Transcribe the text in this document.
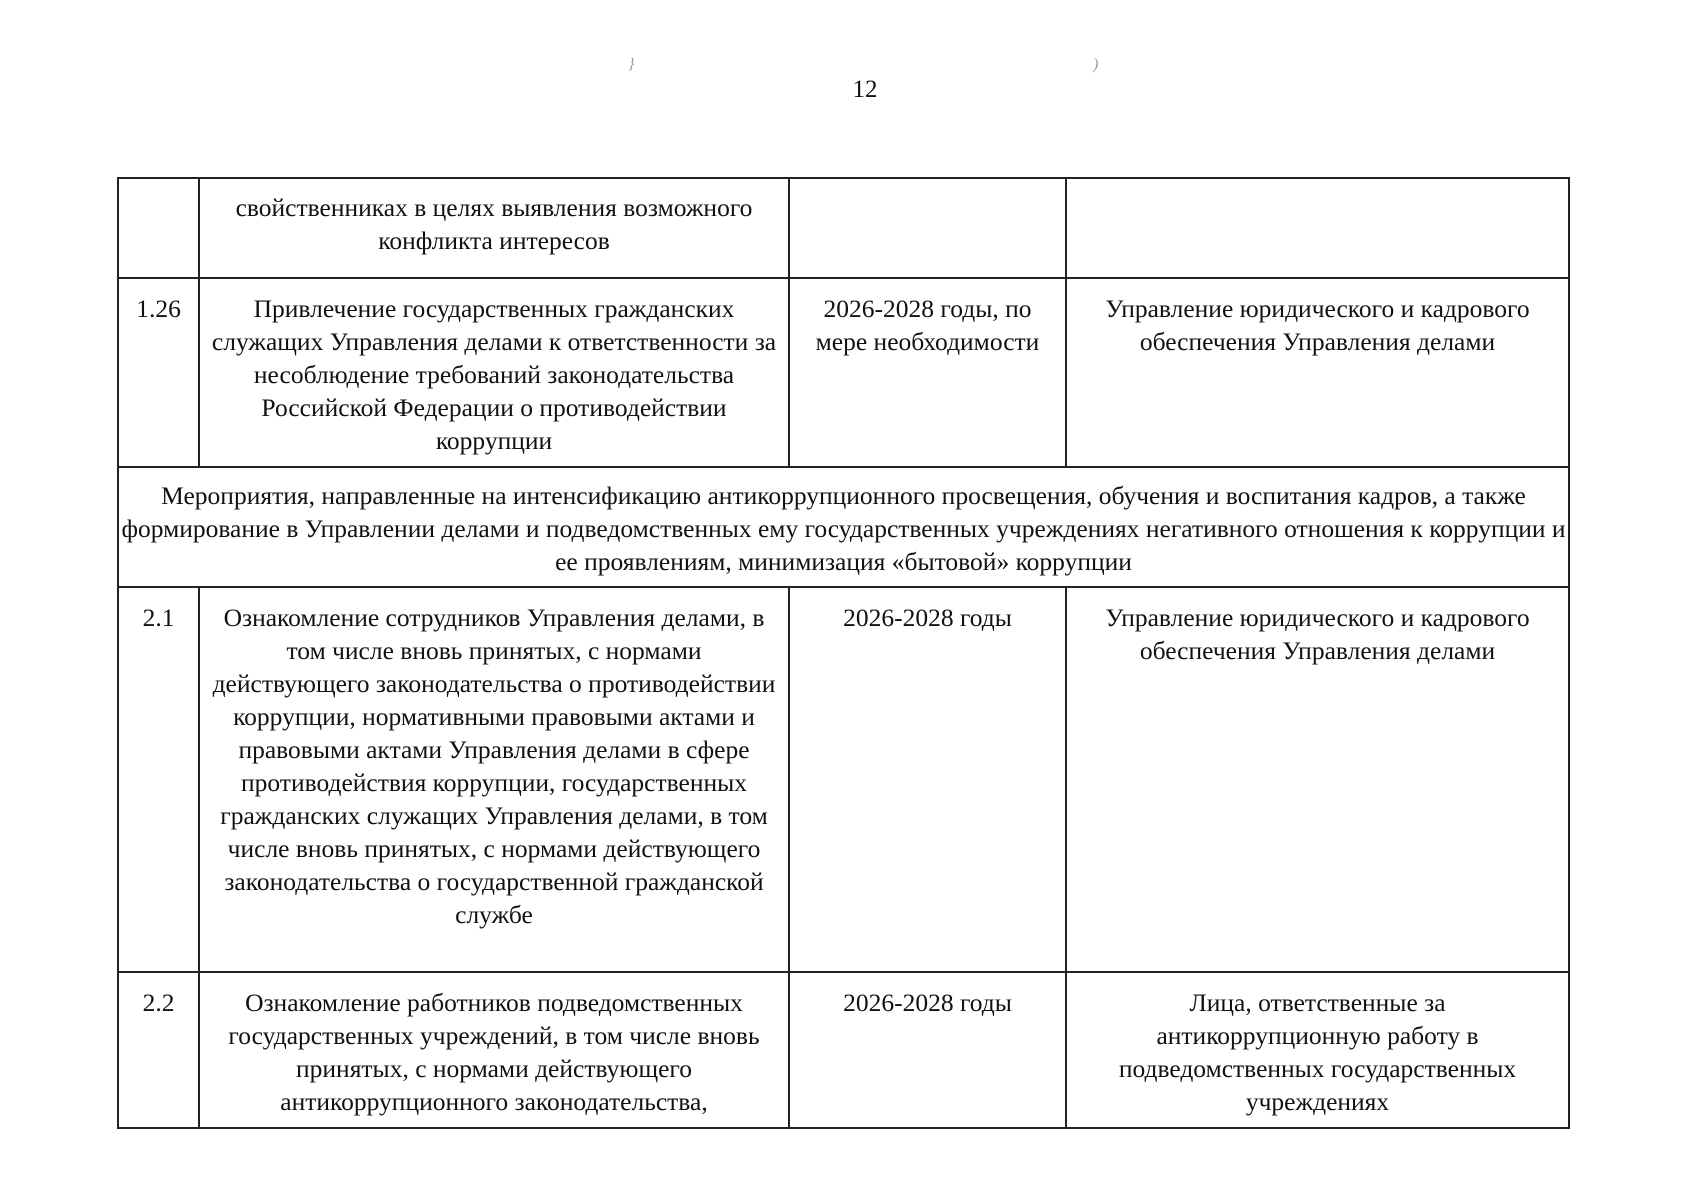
}	)
12

	свойственниках в целях выявления возможного конфликта интересов		

1.26	Привлечение государственных гражданских служащих Управления делами к ответственности за несоблюдение требований законодательства Российской Федерации о противодействии коррупции	2026-2028 годы, по мере необходимости	Управление юридического и кадрового обеспечения Управления делами
Мероприятия, направленные на интенсификацию антикоррупционного просвещения, обучения и воспитания кадров, а также формирование в Управлении делами и подведомственных ему государственных учреждениях негативного отношения к коррупции и ее проявлениям, минимизация «бытовой» коррупции			
2.1	Ознакомление сотрудников Управления делами, в том числе вновь принятых, с нормами действующего законодательства о противодействии коррупции, нормативными правовыми актами и правовыми актами Управления делами в сфере противодействия коррупции, государственных гражданских служащих Управления делами, в том числе вновь принятых, с нормами действующего законодательства о государственной гражданской службе	2026-2028 годы	Управление юридического и кадрового обеспечения Управления делами
2.2	Ознакомление работников подведомственных государственных учреждений, в том числе вновь принятых, с нормами действующего антикоррупционного законодательства,	2026-2028 годы	Лица, ответственные за антикоррупционную работу в подведомственных государственных учреждениях
